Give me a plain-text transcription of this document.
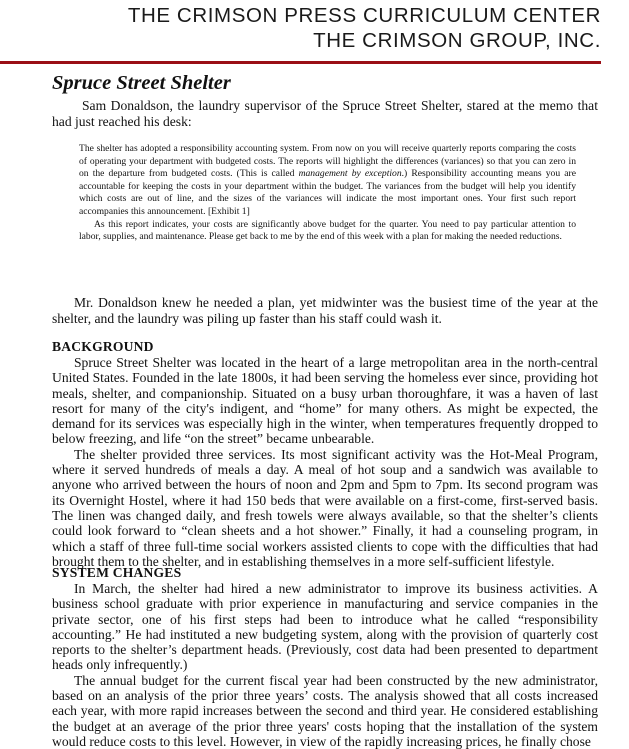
THE CRIMSON PRESS CURRICULUM CENTER
THE CRIMSON GROUP, INC.
Spruce Street Shelter

Sam Donaldson, the laundry supervisor of the Spruce Street Shelter, stared at the memo that had just reached his desk:

The shelter has adopted a responsibility accounting system. From now on you will receive quarterly reports comparing the costs of operating your department with budgeted costs. The reports will highlight the differences (variances) so that you can zero in on the departure from budgeted costs. (This is called management by exception.) Responsibility accounting means you are accountable for keeping the costs in your department within the budget. The variances from the budget will help you identify which costs are out of line, and the sizes of the variances will indicate the most important ones. Your first such report accompanies this announcement. [Exhibit 1]

As this report indicates, your costs are significantly above budget for the quarter. You need to pay particular attention to labor, supplies, and maintenance. Please get back to me by the end of this week with a plan for making the needed reductions.

Mr. Donaldson knew he needed a plan, yet midwinter was the busiest time of the year at the shelter, and the laundry was piling up faster than his staff could wash it.

BACKGROUND

Spruce Street Shelter was located in the heart of a large metropolitan area in the north-central United States. Founded in the late 1800s, it had been serving the homeless ever since, providing hot meals, shelter, and companionship. Situated on a busy urban thoroughfare, it was a haven of last resort for many of the city's indigent, and “home” for many others. As might be expected, the demand for its services was especially high in the winter, when temperatures frequently dropped to below freezing, and life “on the street” became unbearable.

The shelter provided three services. Its most significant activity was the Hot-Meal Program, where it served hundreds of meals a day. A meal of hot soup and a sandwich was available to anyone who arrived between the hours of noon and 2pm and 5pm to 7pm. Its second program was its Overnight Hostel, where it had 150 beds that were available on a first-come, first-served basis. The linen was changed daily, and fresh towels were always available, so that the shelter’s clients could look forward to “clean sheets and a hot shower.” Finally, it had a counseling program, in which a staff of three full-time social workers assisted clients to cope with the difficulties that had brought them to the shelter, and in establishing themselves in a more self-sufficient lifestyle.

SYSTEM CHANGES

In March, the shelter had hired a new administrator to improve its business activities. A business school graduate with prior experience in manufacturing and service companies in the private sector, one of his first steps had been to introduce what he called “responsibility accounting.” He had instituted a new budgeting system, along with the provision of quarterly cost reports to the shelter’s department heads. (Previously, cost data had been presented to department heads only infrequently.)

The annual budget for the current fiscal year had been constructed by the new administrator, based on an analysis of the prior three years’ costs. The analysis showed that all costs increased each year, with more rapid increases between the second and third year. He considered establishing the budget at an average of the prior three years' costs hoping that the installation of the system would reduce costs to this level. However, in view of the rapidly increasing prices, he finally chose
